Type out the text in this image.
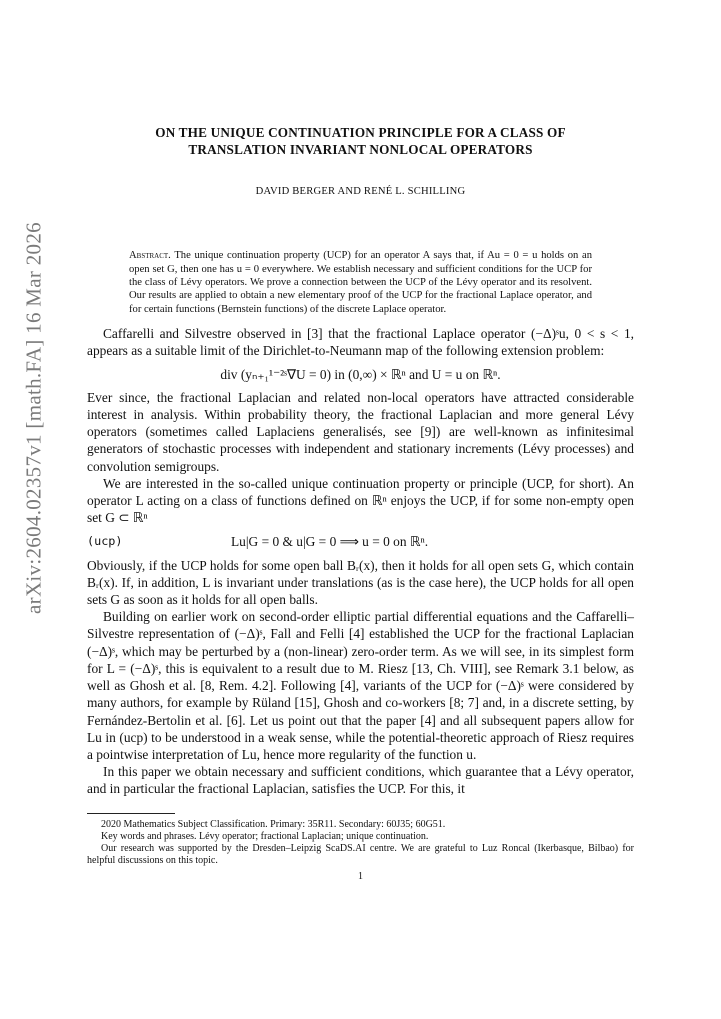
arXiv:2604.02357v1 [math.FA] 16 Mar 2026
ON THE UNIQUE CONTINUATION PRINCIPLE FOR A CLASS OF
TRANSLATION INVARIANT NONLOCAL OPERATORS
DAVID BERGER AND RENÉ L. SCHILLING
Abstract. The unique continuation property (UCP) for an operator A says that, if Au = 0 = u holds on an open set G, then one has u = 0 everywhere. We establish necessary and sufficient conditions for the UCP for the class of Lévy operators. We prove a connection between the UCP of the Lévy operator and its resolvent. Our results are applied to obtain a new elementary proof of the UCP for the fractional Laplace operator, and for certain functions (Bernstein functions) of the discrete Laplace operator.

Caffarelli and Silvestre observed in [3] that the fractional Laplace operator (−Δ)ˢu, 0 < s < 1, appears as a suitable limit of the Dirichlet-to-Neumann map of the following extension problem:

div (yₙ₊₁¹⁻²ˢ∇U = 0) in (0,∞) × ℝⁿ and U = u on ℝⁿ.

Ever since, the fractional Laplacian and related non-local operators have attracted considerable interest in analysis. Within probability theory, the fractional Laplacian and more general Lévy operators (sometimes called Laplaciens generalisés, see [9]) are well-known as infinitesimal generators of stochastic processes with independent and stationary increments (Lévy processes) and convolution semigroups.

We are interested in the so-called unique continuation property or principle (UCP, for short). An operator L acting on a class of functions defined on ℝⁿ enjoys the UCP, if for some non-empty open set G ⊂ ℝⁿ

(ucp)	Lu|G = 0 & u|G = 0 ⟹ u = 0 on ℝⁿ.

Obviously, if the UCP holds for some open ball Bᵣ(x), then it holds for all open sets G, which contain Bᵣ(x). If, in addition, L is invariant under translations (as is the case here), the UCP holds for all open sets G as soon as it holds for all open balls.

Building on earlier work on second-order elliptic partial differential equations and the Caffarelli–Silvestre representation of (−Δ)ˢ, Fall and Felli [4] established the UCP for the fractional Laplacian (−Δ)ˢ, which may be perturbed by a (non-linear) zero-order term. As we will see, in its simplest form for L = (−Δ)ˢ, this is equivalent to a result due to M. Riesz [13, Ch. VIII], see Remark 3.1 below, as well as Ghosh et al. [8, Rem. 4.2]. Following [4], variants of the UCP for (−Δ)ˢ were considered by many authors, for example by Rüland [15], Ghosh and co-workers [8; 7] and, in a discrete setting, by Fernández-Bertolin et al. [6]. Let us point out that the paper [4] and all subsequent papers allow for Lu in (ucp) to be understood in a weak sense, while the potential-theoretic approach of Riesz requires a pointwise interpretation of Lu, hence more regularity of the function u.

In this paper we obtain necessary and sufficient conditions, which guarantee that a Lévy operator, and in particular the fractional Laplacian, satisfies the UCP. For this, it

2020 Mathematics Subject Classification. Primary: 35R11. Secondary: 60J35; 60G51.

Key words and phrases. Lévy operator; fractional Laplacian; unique continuation.

Our research was supported by the Dresden–Leipzig ScaDS.AI centre. We are grateful to Luz Roncal (Ikerbasque, Bilbao) for helpful discussions on this topic.

1
